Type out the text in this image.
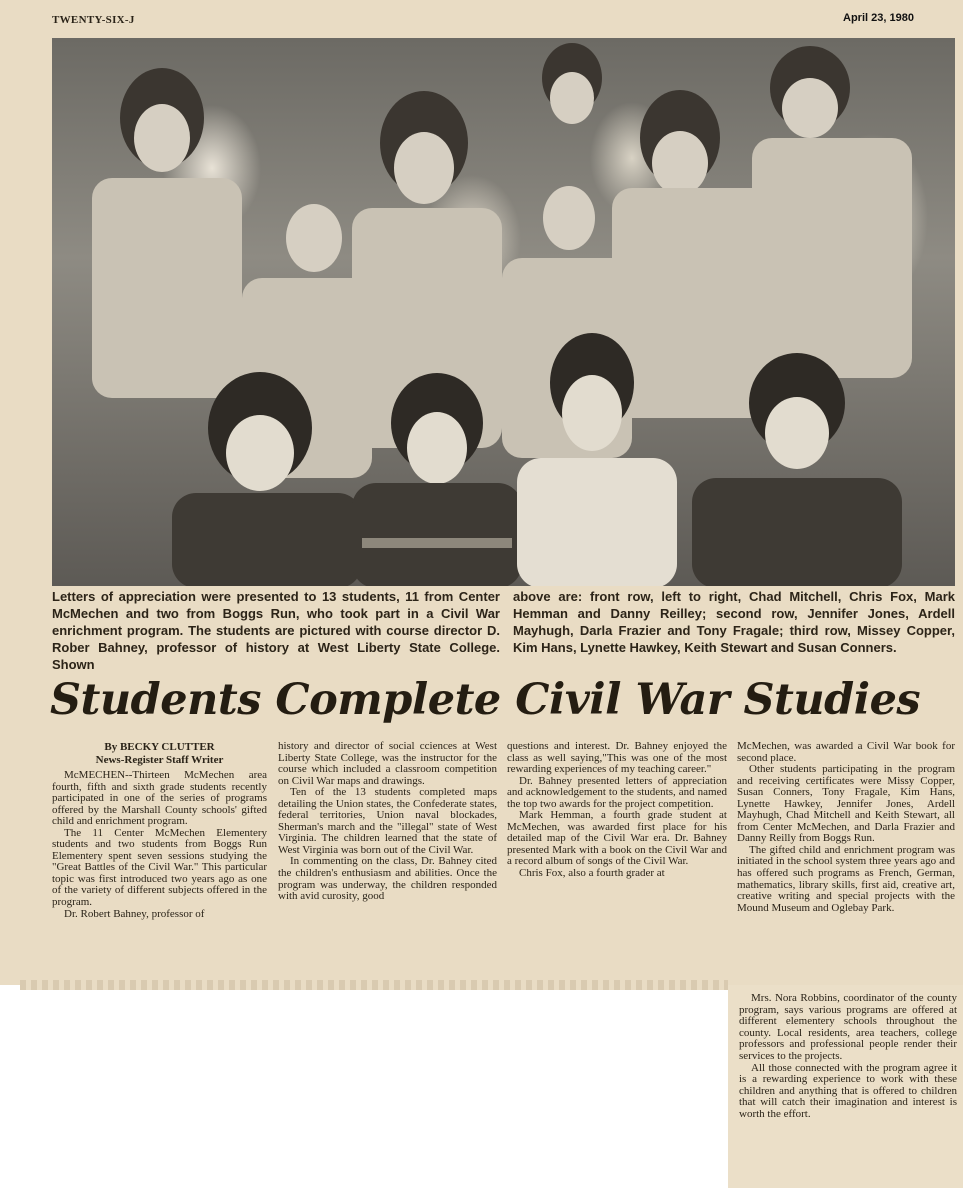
TWENTY-SIX-J	April 23, 1980
Letters of appreciation were presented to 13 students, 11 from Center McMechen and two from Boggs Run, who took part in a Civil War enrichment program. The students are pictured with course director D. Rober Bahney, professor of history at West Liberty State College. Shown
above are: front row, left to right, Chad Mitchell, Chris Fox, Mark Hemman and Danny Reilley; second row, Jennifer Jones, Ardell Mayhugh, Darla Frazier and Tony Fragale; third row, Missey Copper, Kim Hans, Lynette Hawkey, Keith Stewart and Susan Conners.
Students Complete Civil War Studies
By BECKY CLUTTER
News-Register Staff Writer

McMECHEN--Thirteen McMechen area fourth, fifth and sixth grade students recently participated in one of the series of programs offered by the Marshall County schools' gifted child and enrichment program.

The 11 Center McMechen Elementery students and two students from Boggs Run Elementery spent seven sessions studying the "Great Battles of the Civil War." This particular topic was first introduced two years ago as one of the variety of different subjects offered in the program.

Dr. Robert Bahney, professor of

history and director of social cciences at West Liberty State College, was the instructor for the course which included a classroom competition on Civil War maps and drawings.

Ten of the 13 students completed maps detailing the Union states, the Confederate states, federal territories, Union naval blockades, Sherman's march and the "illegal" state of West Virginia. The children learned that the state of West Virginia was born out of the Civil War.

In commenting on the class, Dr. Bahney cited the children's enthusiasm and abilities. Once the program was underway, the children responded with avid curosity, good

questions and interest. Dr. Bahney enjoyed the class as well saying,"This was one of the most rewarding experiences of my teaching career."

Dr. Bahney presented letters of appreciation and acknowledgement to the students, and named the top two awards for the project competition.

Mark Hemman, a fourth grade student at McMechen, was awarded first place for his detailed map of the Civil War era. Dr. Bahney presented Mark with a book on the Civil War and a record album of songs of the Civil War.

Chris Fox, also a fourth grader at

McMechen, was awarded a Civil War book for second place.

Other students participating in the program and receiving certificates were Missy Copper, Susan Conners, Tony Fragale, Kim Hans, Lynette Hawkey, Jennifer Jones, Ardell Mayhugh, Chad Mitchell and Keith Stewart, all from Center McMechen, and Darla Frazier and Danny Reilly from Boggs Run.

The gifted child and enrichment program was initiated in the school system three years ago and has offered such programs as French, German, mathematics, library skills, first aid, creative art, creative writing and special projects with the Mound Museum and Oglebay Park.

Mrs. Nora Robbins, coordinator of the county program, says various programs are offered at different elementery schools throughout the county. Local residents, area teachers, college professors and professional people render their services to the projects.

All those connected with the program agree it is a rewarding experience to work with these children and anything that is offered to children that will catch their imagination and interest is worth the effort.
